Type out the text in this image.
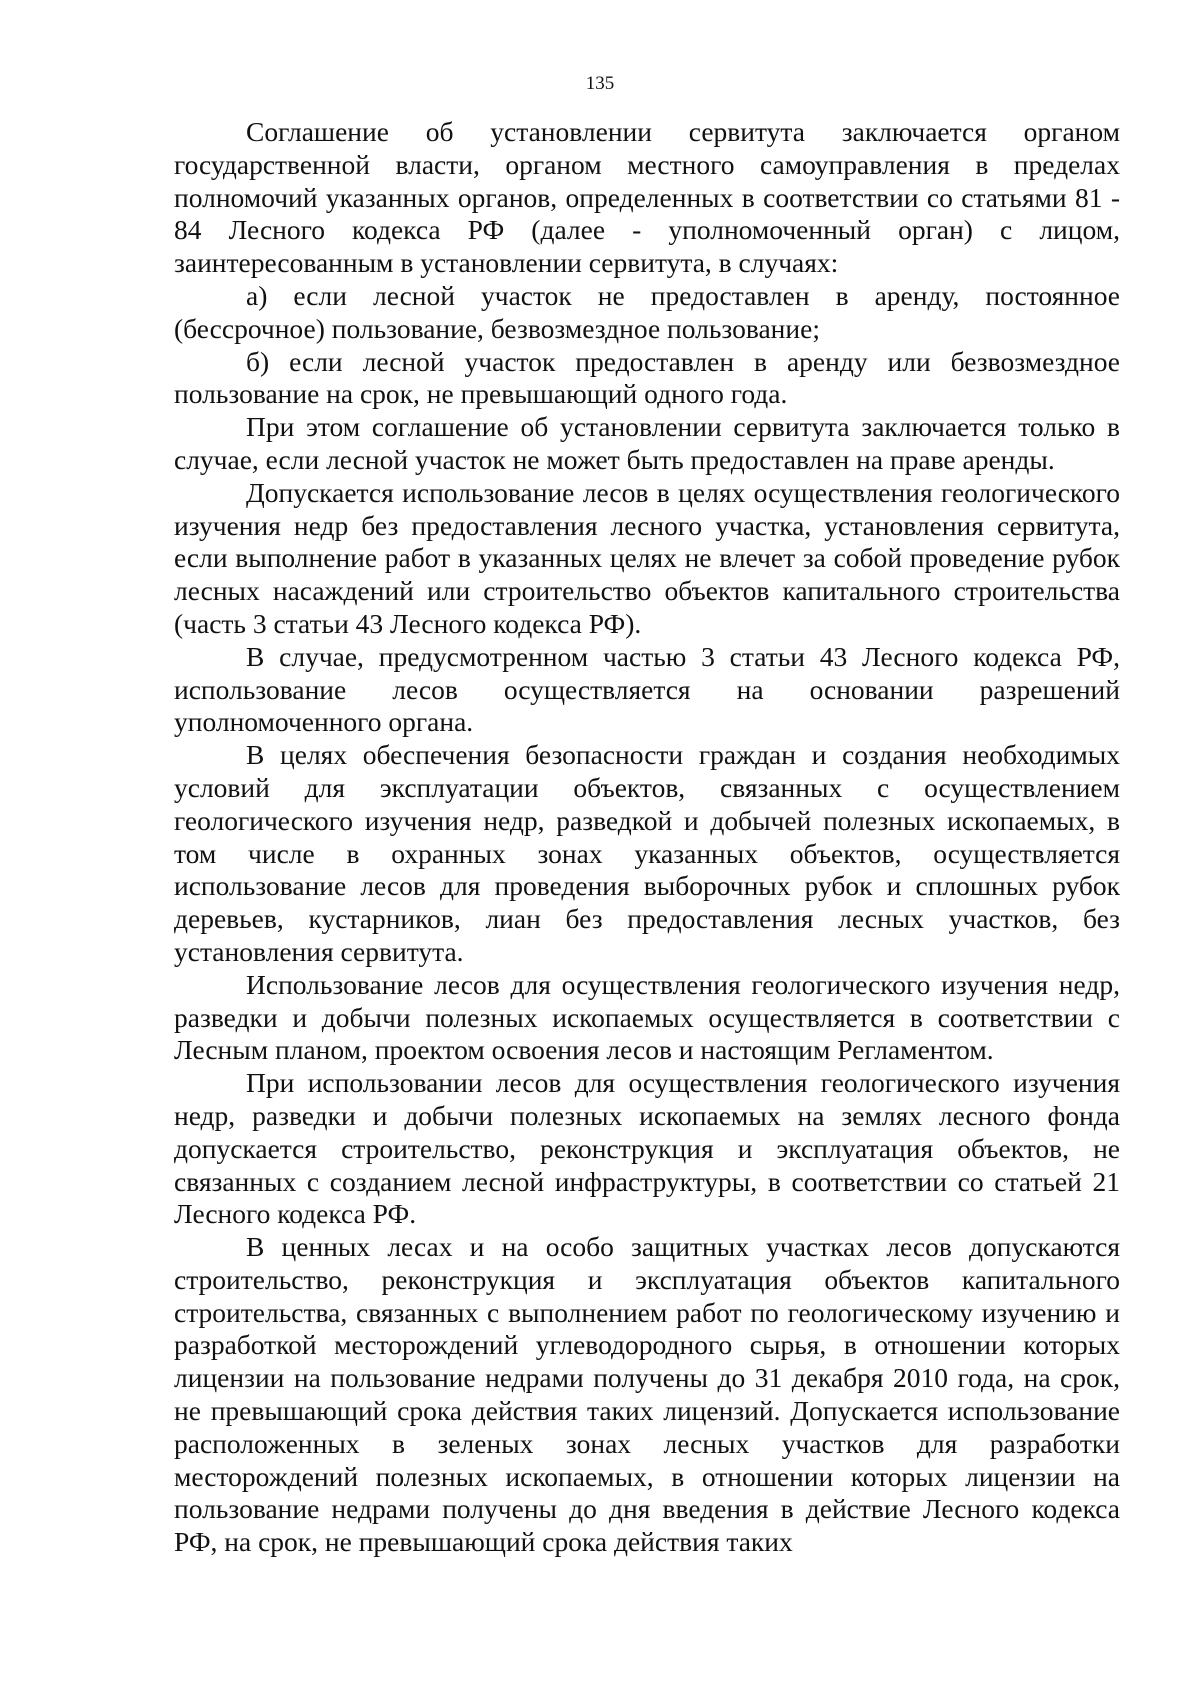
135

Соглашение об установлении сервитута заключается органом государственной власти, органом местного самоуправления в пределах полномочий указанных органов, определенных в соответствии со статьями 81 - 84 Лесного кодекса РФ (далее - уполномоченный орган) с лицом, заинтересованным в установлении сервитута, в случаях:

а) если лесной участок не предоставлен в аренду, постоянное (бессрочное) пользование, безвозмездное пользование;

б) если лесной участок предоставлен в аренду или безвозмездное пользование на срок, не превышающий одного года.

При этом соглашение об установлении сервитута заключается только в случае, если лесной участок не может быть предоставлен на праве аренды.

Допускается использование лесов в целях осуществления геологического изучения недр без предоставления лесного участка, установления сервитута, если выполнение работ в указанных целях не влечет за собой проведение рубок лесных насаждений или строительство объектов капитального строительства (часть 3 статьи 43 Лесного кодекса РФ).

В случае, предусмотренном частью 3 статьи 43 Лесного кодекса РФ, использование лесов осуществляется на основании разрешений уполномоченного органа.

В целях обеспечения безопасности граждан и создания необходимых условий для эксплуатации объектов, связанных с осуществлением геологического изучения недр, разведкой и добычей полезных ископаемых, в том числе в охранных зонах указанных объектов, осуществляется использование лесов для проведения выборочных рубок и сплошных рубок деревьев, кустарников, лиан без предоставления лесных участков, без установления сервитута.

Использование лесов для осуществления геологического изучения недр, разведки и добычи полезных ископаемых осуществляется в соответствии с Лесным планом, проектом освоения лесов и настоящим Регламентом.

При использовании лесов для осуществления геологического изучения недр, разведки и добычи полезных ископаемых на землях лесного фонда допускается строительство, реконструкция и эксплуатация объектов, не связанных с созданием лесной инфраструктуры, в соответствии со статьей 21 Лесного кодекса РФ.

В ценных лесах и на особо защитных участках лесов допускаются строительство, реконструкция и эксплуатация объектов капитального строительства, связанных с выполнением работ по геологическому изучению и разработкой месторождений углеводородного сырья, в отношении которых лицензии на пользование недрами получены до 31 декабря 2010 года, на срок, не превышающий срока действия таких лицензий. Допускается использование расположенных в зеленых зонах лесных участков для разработки месторождений полезных ископаемых, в отношении которых лицензии на пользование недрами получены до дня введения в действие Лесного кодекса РФ, на срок, не превышающий срока действия таких
